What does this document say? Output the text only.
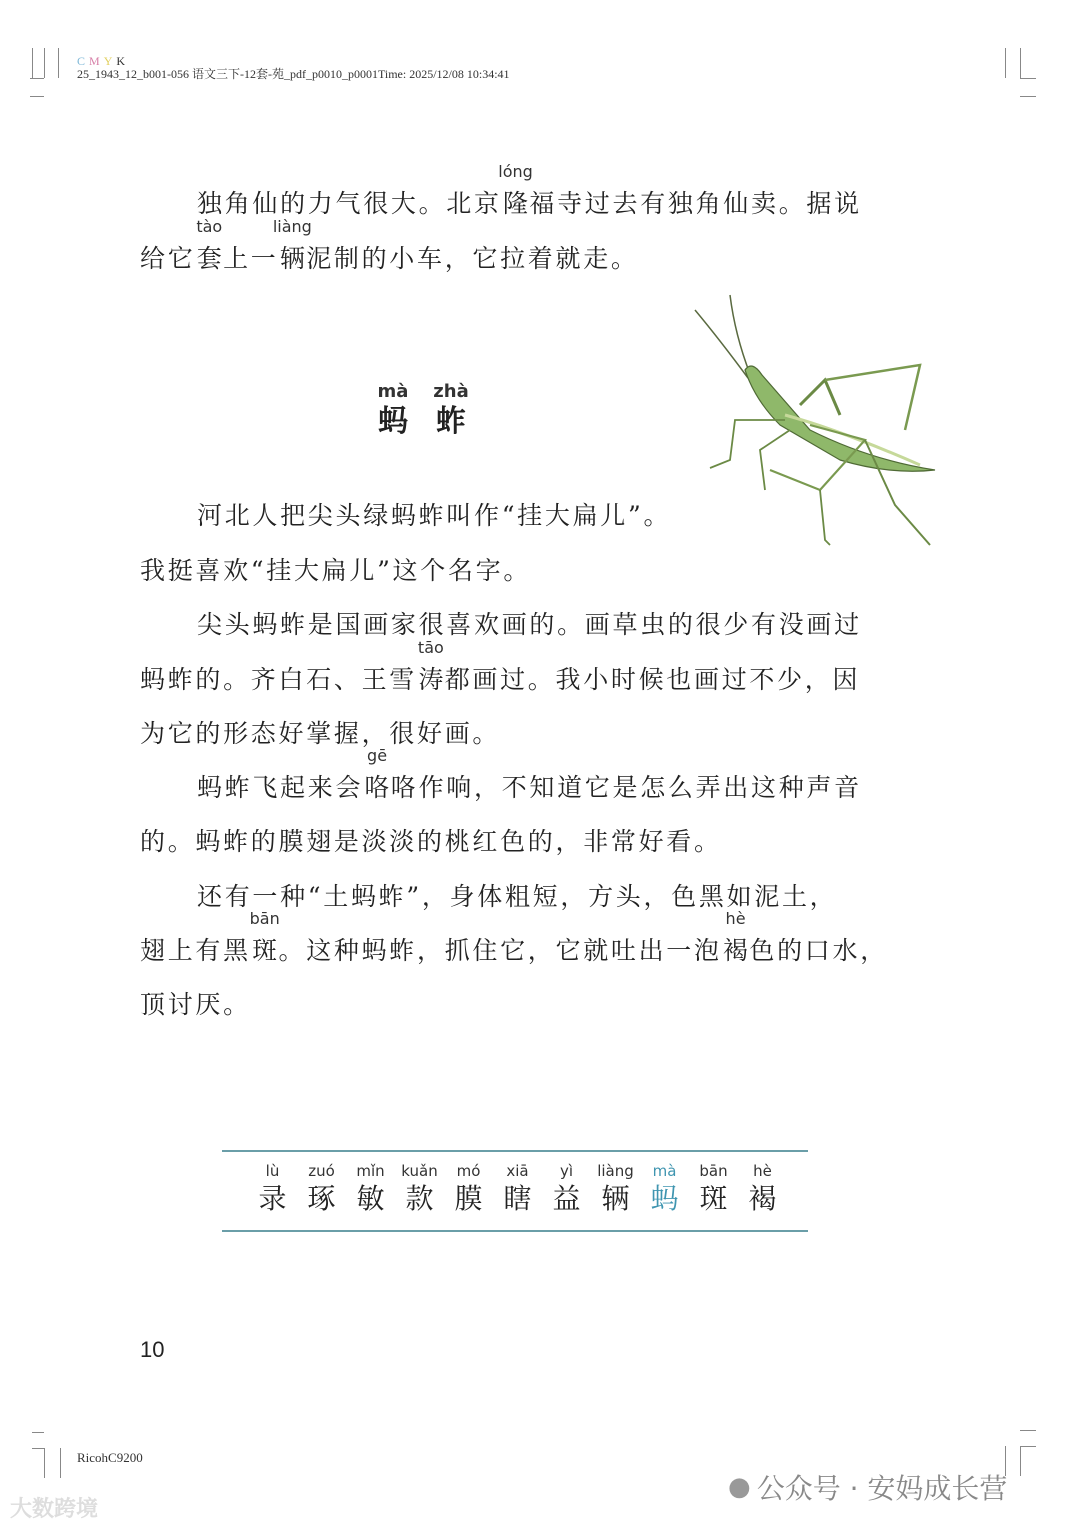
C M Y K
25_1943_12_b001-056 语文三下-12套-苑_pdf_p0010_p0001Time: 2025/12/08 10:34:41
蚂
mà
蚱
zhà
独角仙的力气很大。北京隆
lóng
福寺过去有独角仙卖。据说
给它套
tào
上一辆
liàng
泥制的小车，它拉着就走。
河北人把尖头绿蚂蚱叫作“挂大扁儿”。
我挺喜欢“挂大扁儿”这个名字。
尖头蚂蚱是国画家很喜欢画的。画草虫的很少有没画过
蚂蚱的。齐白石、王雪涛
tāo
都画过。我小时候也画过不少，因
为它的形态好掌握，很好画。
蚂蚱飞起来会咯
gē
咯作响，不知道它是怎么弄出这种声音
的。蚂蚱的膜翅是淡淡的桃红色的，非常好看。
还有一种“土蚂蚱”，身体粗短，方头，色黑如泥土，
翅上有黑斑
bān
。这种蚂蚱，抓住它，它就吐出一泡褐
hè
色的口水，
顶讨厌。
录
lù
琢
zuó
敏
mǐn
款
kuǎn
膜
mó
瞎
xiā
益
yì
辆
liàng
蚂
mà
斑
bān
褐
hè
10
RicohC9200
大数跨境
● 公众号 · 安妈成长营
